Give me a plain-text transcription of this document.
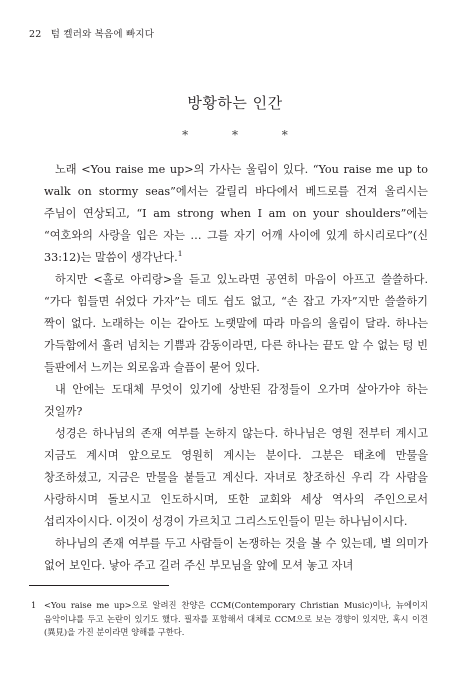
22 텀 켈러와 복음에 빠지다
방황하는 인간
* * *

노래 <You raise me up>의 가사는 울림이 있다. “You raise me up to walk on stormy seas”에서는 갈릴리 바다에서 베드로를 건져 올리시는 주님이 연상되고, “I am strong when I am on your shoulders”에는 “여호와의 사랑을 입은 자는 … 그를 자기 어깨 사이에 있게 하시리로다”(신 33:12)는 말씀이 생각난다.$^1$

하지만 <홀로 아리랑>을 듣고 있노라면 공연히 마음이 아프고 쓸쓸하다. “가다 힘들면 쉬었다 가자”는 데도 쉽도 없고, “손 잡고 가자”지만 쓸쓸하기 짝이 없다. 노래하는 이는 같아도 노랫말에 따라 마음의 울림이 달라. 하나는 가득함에서 흘러 넘치는 기쁨과 감동이라면, 다른 하나는 끝도 알 수 없는 텅 빈 들판에서 느끼는 외로움과 슬픔이 묻어 있다.

내 안에는 도대체 무엇이 있기에 상반된 감정들이 오가며 살아가야 하는 것일까?

성경은 하나님의 존재 여부를 논하지 않는다. 하나님은 영원 전부터 계시고 지금도 계시며 앞으로도 영원히 계시는 분이다. 그분은 태초에 만물을 창조하셨고, 지금은 만물을 붙들고 계신다. 자녀로 창조하신 우리 각 사람을 사랑하시며 돌보시고 인도하시며, 또한 교회와 세상 역사의 주인으로서 섭리자이시다. 이것이 성경이 가르치고 그리스도인들이 믿는 하나님이시다.

하나님의 존재 여부를 두고 사람들이 논쟁하는 것을 볼 수 있는데, 별 의미가 없어 보인다. 낳아 주고 길러 주신 부모님을 앞에 모셔 놓고 자녀

1 <You raise me up>으로 알려진 찬양은 CCM(Contemporary Christian Music)이나, 뉴에이지 음악이냐를 두고 논란이 있기도 했다. 필자를 포함해서 대체로 CCM으로 보는 경향이 있지만, 혹시 이견(異見)을 가진 분이라면 양해를 구한다.
